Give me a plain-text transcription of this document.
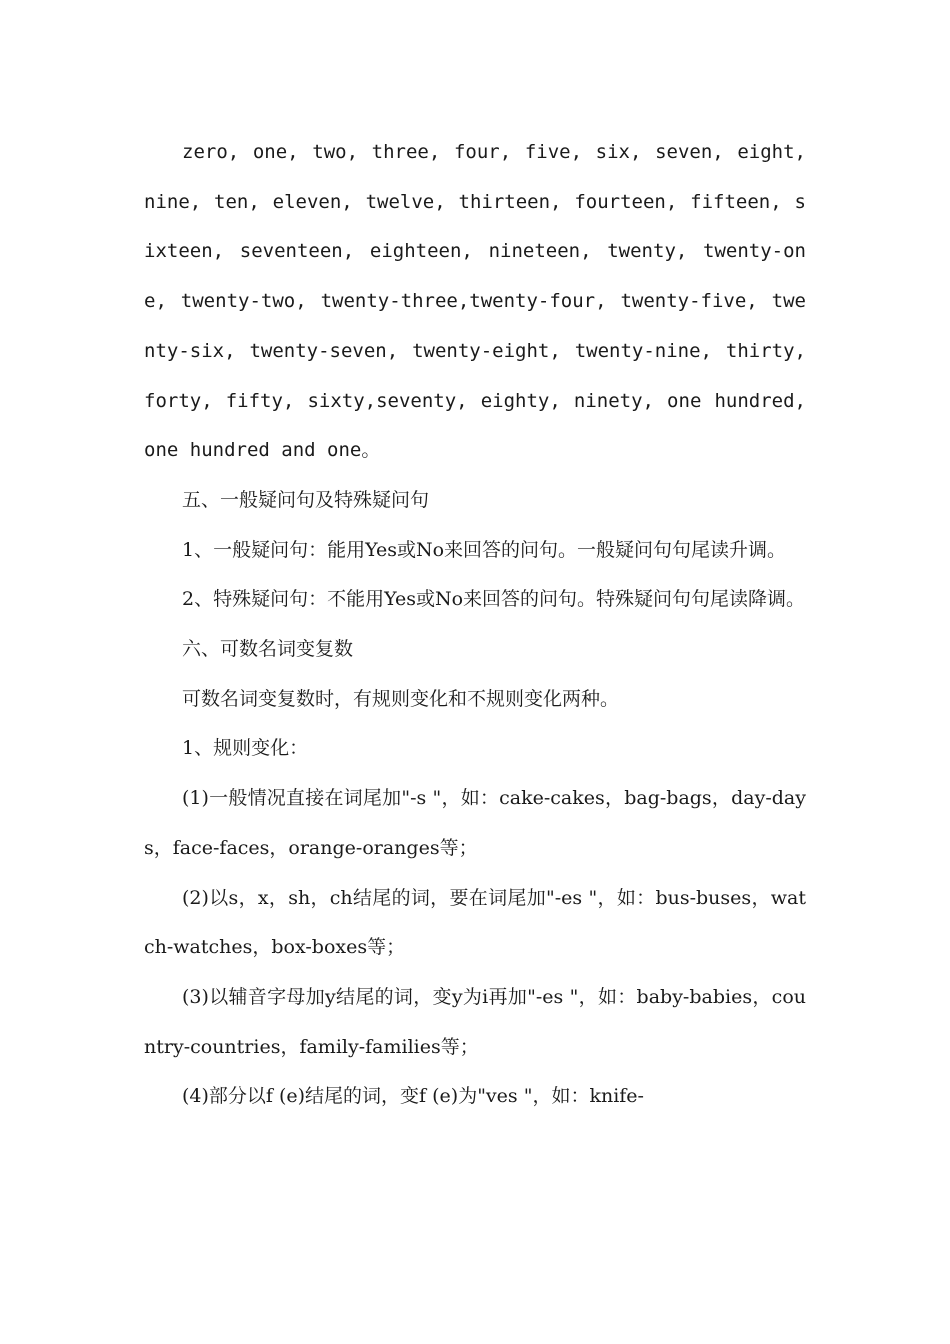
zero, one, two, three, four, five, six, seven, eight, nine, ten, eleven, twelve, thirteen, fourteen, fifteen, sixteen, seventeen, eighteen, nineteen, twenty, twenty-one, twenty-two, twenty-three,twenty-four, twenty-five, twenty-six, twenty-seven, twenty-eight, twenty-nine, thirty, forty, fifty, sixty,seventy, eighty, ninety, one hundred,one hundred and one。

五、一般疑问句及特殊疑问句

1、一般疑问句：能用Yes或No来回答的问句。一般疑问句句尾读升调。

2、特殊疑问句：不能用Yes或No来回答的问句。特殊疑问句句尾读降调。

六、可数名词变复数

可数名词变复数时，有规则变化和不规则变化两种。

1、规则变化：

(1)一般情况直接在词尾加"-s "，如：cake-cakes，bag-bags，day-days，face-faces，orange-oranges等；

(2)以s，x，sh，ch结尾的词，要在词尾加"-es "，如：bus-buses，watch-watches，box-boxes等；

(3)以辅音字母加y结尾的词，变y为i再加"-es "，如：baby-babies，country-countries，family-families等；

(4)部分以f (e)结尾的词，变f (e)为"ves "，如：knife-
